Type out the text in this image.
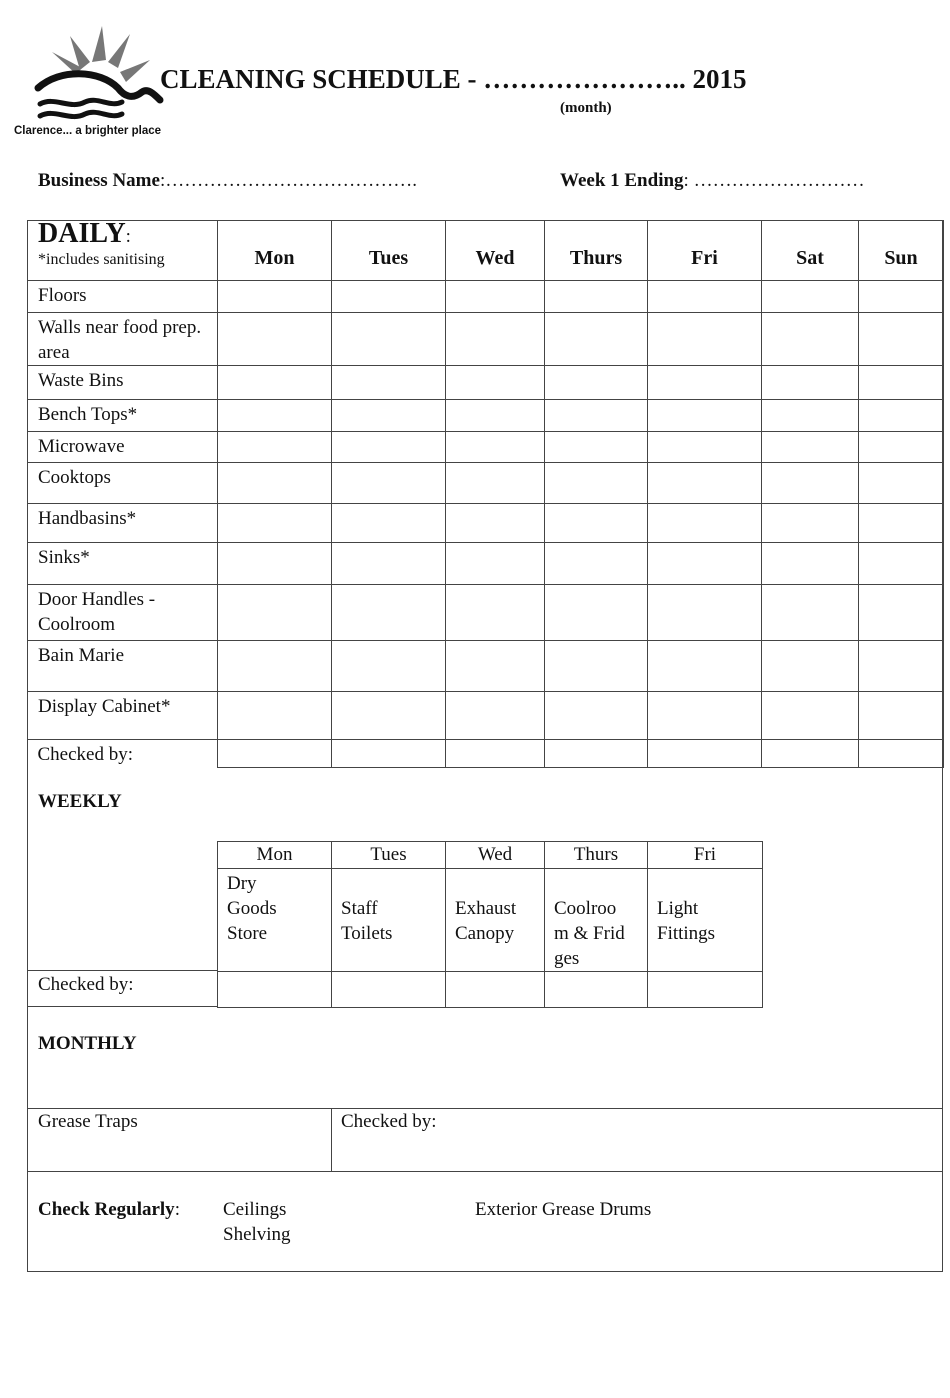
Clarence... a brighter place
CLEANING SCHEDULE - ………………….. 2015
(month)
Business Name:………………………………….	Week 1 Ending: ………………………
DAILY:
*includes sanitising	Mon	Tues	Wed	Thurs	Fri	Sat	Sun
Floors							
Walls near food prep. area							
Waste Bins							
Bench Tops*							
Microwave							
Cooktops							
Handbasins*							
Sinks*							
Door Handles - Coolroom							
Bain Marie							
Display Cabinet*							
Checked by:							
WEEKLY
Mon	Tues	Wed	Thurs	Fri

Dry Goods Store	Staff Toilets	Exhaust Canopy	Coolroom & Fridges	Light Fittings

Checked by:
MONTHLY
Grease Traps	Checked by:
Check Regularly: Ceilings
Shelving
Exterior Grease Drums
